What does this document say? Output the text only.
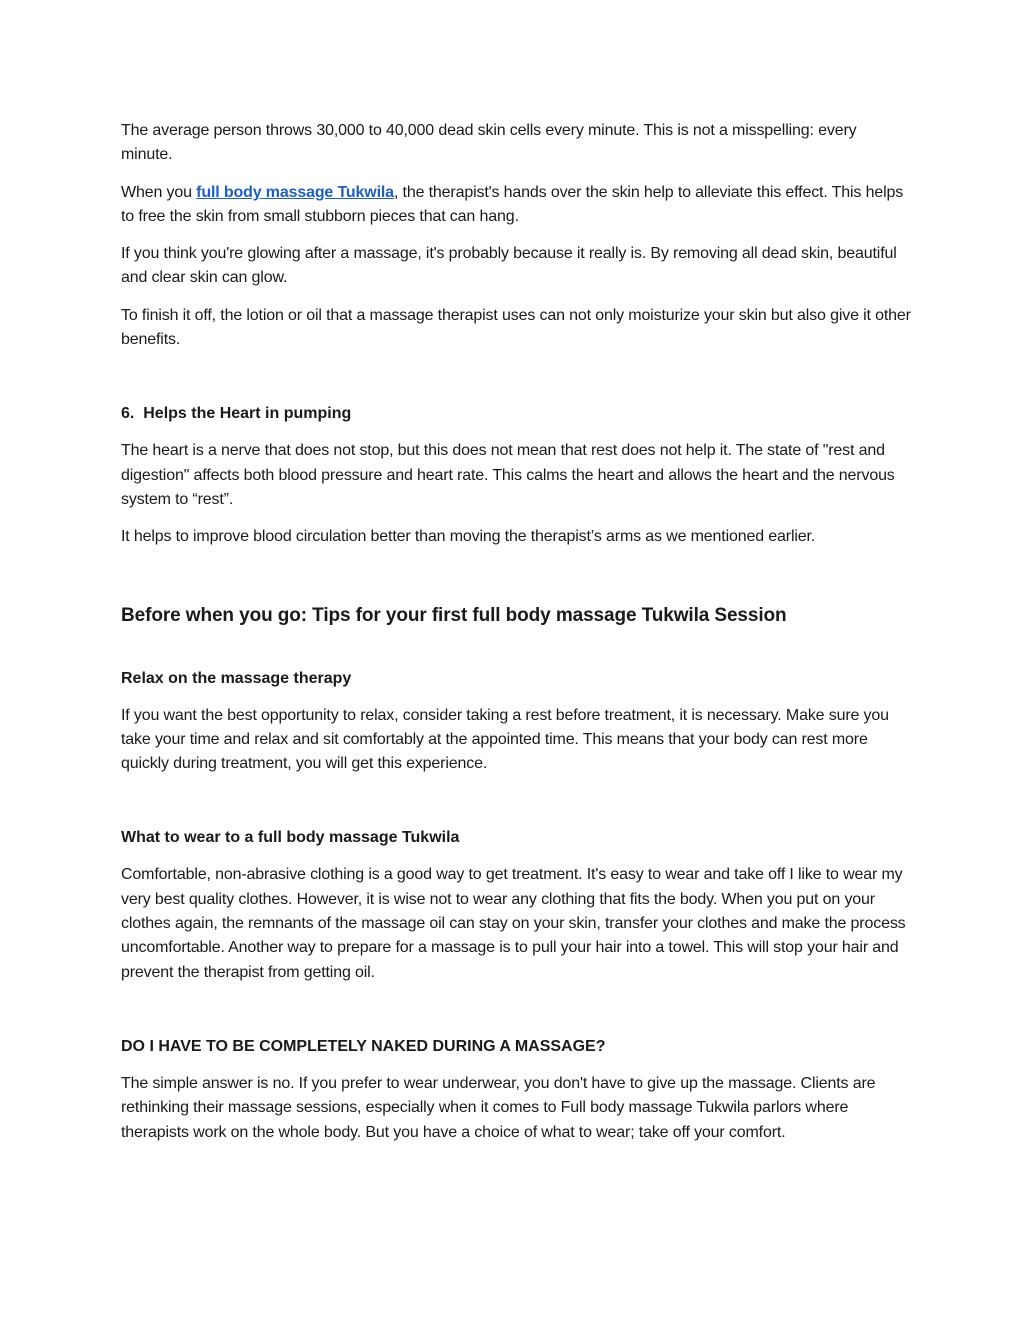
The average person throws 30,000 to 40,000 dead skin cells every minute. This is not a misspelling: every minute.

When you full body massage Tukwila, the therapist's hands over the skin help to alleviate this effect. This helps to free the skin from small stubborn pieces that can hang.

If you think you're glowing after a massage, it's probably because it really is. By removing all dead skin, beautiful and clear skin can glow.

To finish it off, the lotion or oil that a massage therapist uses can not only moisturize your skin but also give it other benefits.

6.  Helps the Heart in pumping

The heart is a nerve that does not stop, but this does not mean that rest does not help it. The state of "rest and digestion" affects both blood pressure and heart rate. This calms the heart and allows the heart and the nervous system to “rest”.

It helps to improve blood circulation better than moving the therapist’s arms as we mentioned earlier.

Before when you go: Tips for your first full body massage Tukwila Session
Relax on the massage therapy

If you want the best opportunity to relax, consider taking a rest before treatment, it is necessary. Make sure you take your time and relax and sit comfortably at the appointed time. This means that your body can rest more quickly during treatment, you will get this experience.

What to wear to a full body massage Tukwila

Comfortable, non-abrasive clothing is a good way to get treatment. It's easy to wear and take off I like to wear my very best quality clothes. However, it is wise not to wear any clothing that fits the body. When you put on your clothes again, the remnants of the massage oil can stay on your skin, transfer your clothes and make the process uncomfortable. Another way to prepare for a massage is to pull your hair into a towel. This will stop your hair and prevent the therapist from getting oil.

DO I HAVE TO BE COMPLETELY NAKED DURING A MASSAGE?

The simple answer is no. If you prefer to wear underwear, you don't have to give up the massage. Clients are rethinking their massage sessions, especially when it comes to Full body massage Tukwila parlors where therapists work on the whole body. But you have a choice of what to wear; take off your comfort.
